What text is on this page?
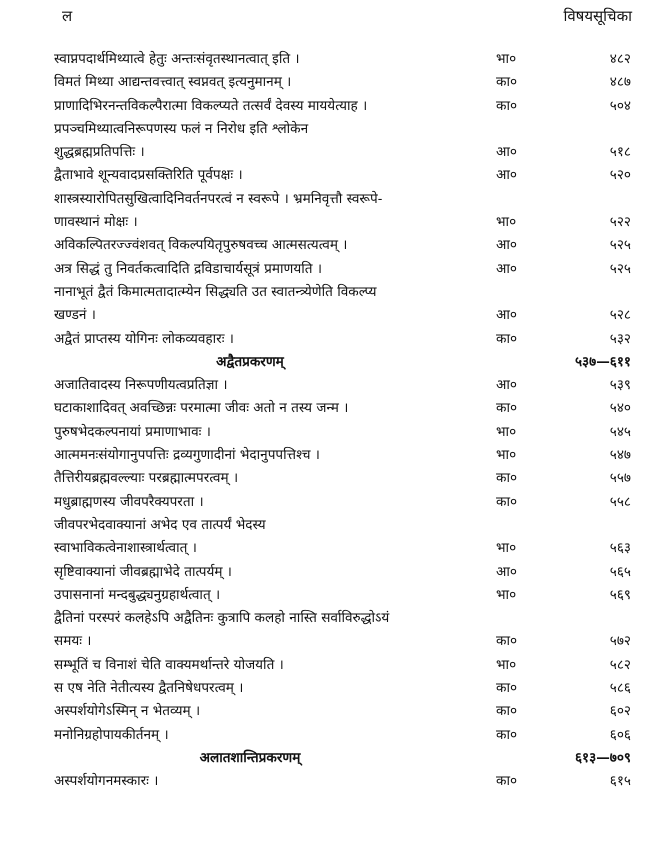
ल	विषयसूचिका
स्वाप्नपदार्थमिथ्यात्वे हेतुः अन्तःसंवृतस्थानत्वात् इति ।	भा०	४८२
विमतं मिथ्या आद्यन्तवत्त्वात् स्वप्नवत् इत्यनुमानम् ।	का०	४८७
प्राणादिभिरनन्तविकल्पैरात्मा विकल्प्यते तत्सर्वं देवस्य माययेत्याह ।	का०	५०४
प्रपञ्चमिथ्यात्वनिरूपणस्य फलं न निरोध इति श्लोकेन
शुद्धब्रह्मप्रतिपत्तिः ।	आ०	५१८
द्वैताभावे शून्यवादप्रसक्तिरिति पूर्वपक्षः ।	आ०	५२०
शास्त्रस्यारोपितसुखित्वादिनिवर्तनपरत्वं न स्वरूपे । भ्रमनिवृत्तौ स्वरूपे-
णावस्थानं मोक्षः ।	भा०	५२२
अविकल्पितरज्ज्वंशवत् विकल्पयितृपुरुषवच्च आत्मसत्यत्वम् ।	आ०	५२५
अत्र सिद्धं तु निवर्तकत्वादिति द्रविडाचार्यसूत्रं प्रमाणयति ।	आ०	५२५
नानाभूतं द्वैतं किमात्मतादात्म्येन सिद्ध्यति उत स्वातन्त्र्येणेति विकल्प्य
खण्डनं ।	आ०	५२८
अद्वैतं प्राप्तस्य योगिनः लोकव्यवहारः ।	का०	५३२
अद्वैतप्रकरणम्	५३७—६११
अजातिवादस्य निरूपणीयत्वप्रतिज्ञा ।	आ०	५३९
घटाकाशादिवत् अवच्छिन्नः परमात्मा जीवः अतो न तस्य जन्म ।	का०	५४०
पुरुषभेदकल्पनायां प्रमाणाभावः ।	भा०	५४५
आत्ममनःसंयोगानुपपत्तिः द्रव्यगुणादीनां भेदानुपपत्तिश्च ।	भा०	५४७
तैत्तिरीयब्रह्मवल्ल्याः परब्रह्मात्मपरत्वम् ।	का०	५५७
मधुब्राह्मणस्य जीवपरैक्यपरता ।	का०	५५८
जीवपरभेदवाक्यानां अभेद एव तात्पर्यं भेदस्य
स्वाभाविकत्वेनाशास्त्रार्थत्वात् ।	भा०	५६३
सृष्टिवाक्यानां जीवब्रह्माभेदे तात्पर्यम् ।	आ०	५६५
उपासनानां मन्दबुद्ध्यनुग्रहार्थत्वात् ।	भा०	५६९
द्वैतिनां परस्परं कलहेऽपि अद्वैतिनः कुत्रापि कलहो नास्ति सर्वाविरुद्धोऽयं
समयः ।	का०	५७२
सम्भूतिं च विनाशं चेति वाक्यमर्थान्तरे योजयति ।	भा०	५८२
स एष नेति नेतीत्यस्य द्वैतनिषेधपरत्वम् ।	का०	५८६
अस्पर्शयोगेऽस्मिन् न भेतव्यम् ।	का०	६०२
मनोनिग्रहोपायकीर्तनम् ।	का०	६०६
अलातशान्तिप्रकरणम्	६१३—७०९
अस्पर्शयोगनमस्कारः ।	का०	६१५
